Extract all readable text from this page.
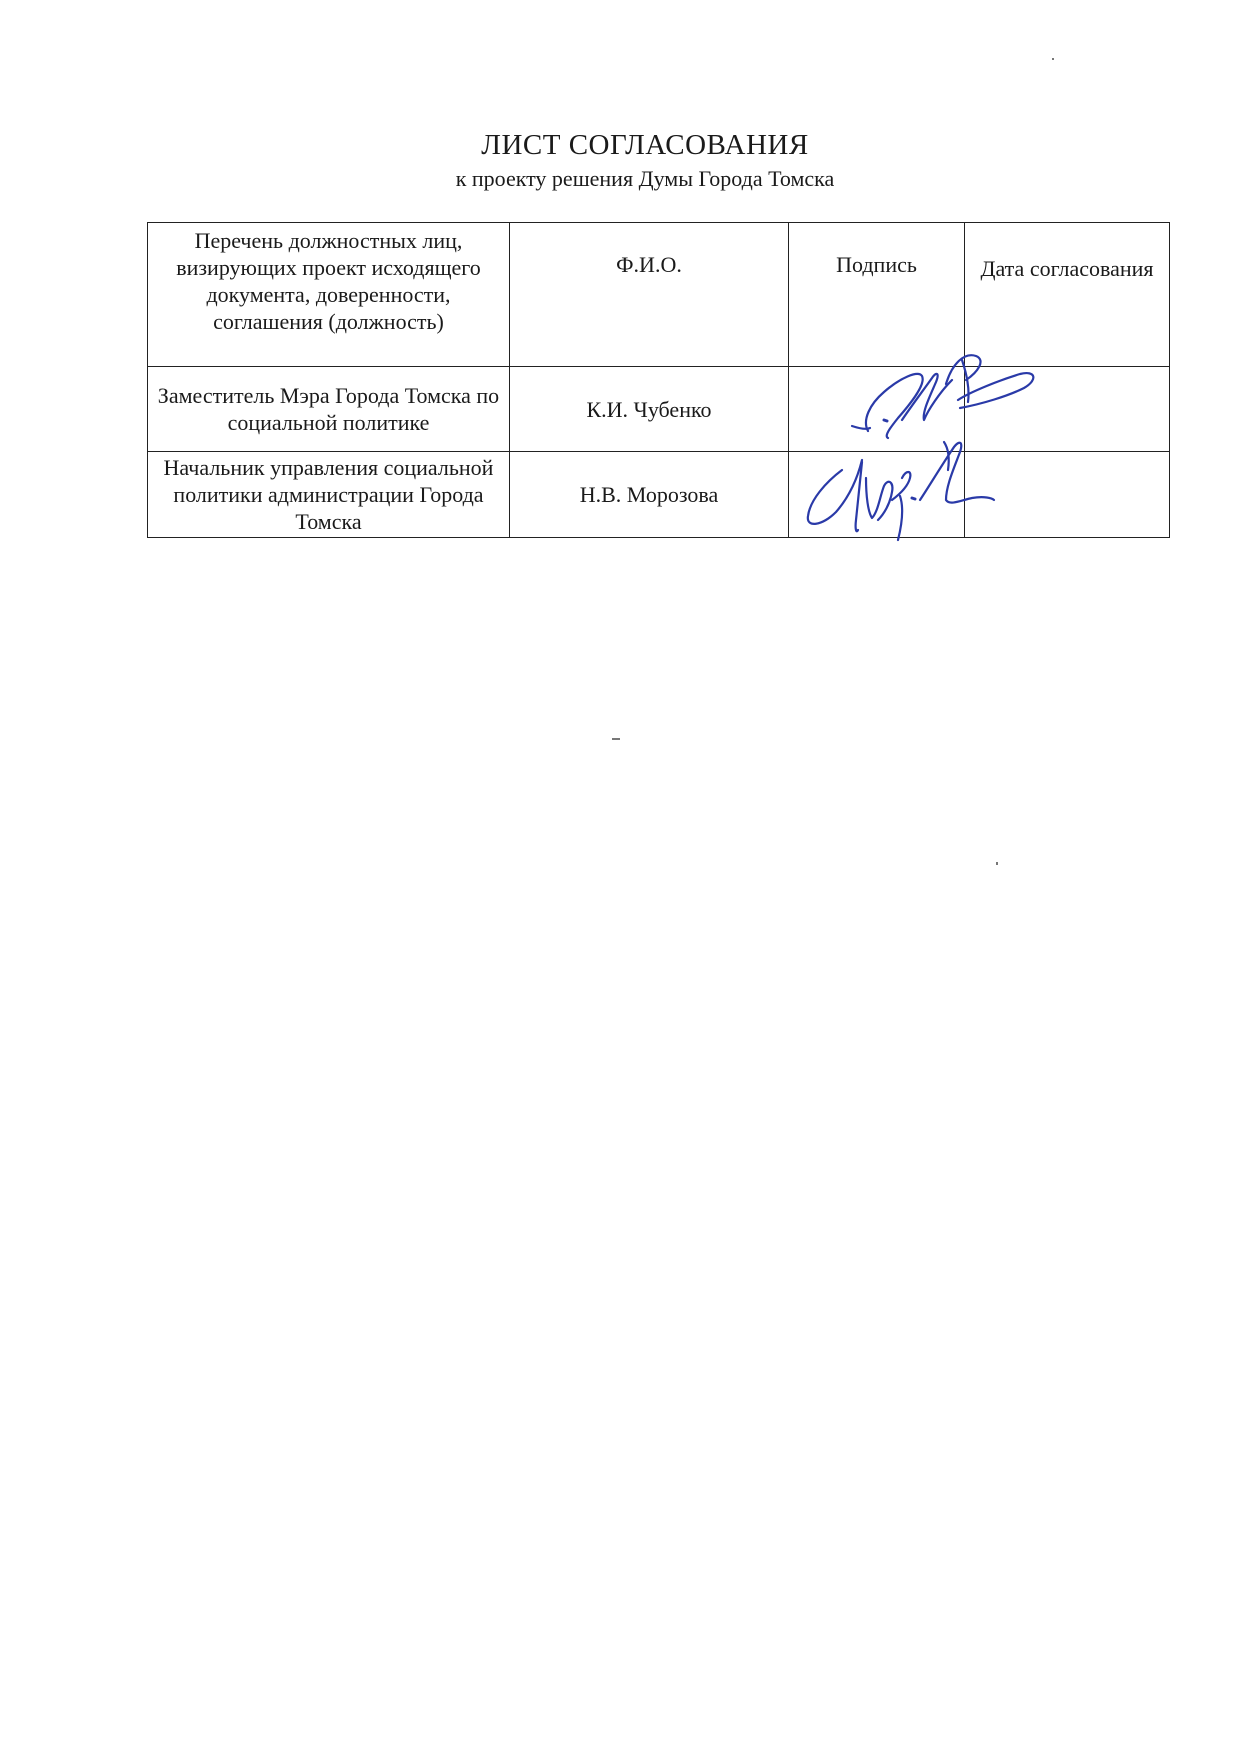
ЛИСТ СОГЛАСОВАНИЯ
к проекту решения Думы Города Томска
Перечень должностных лиц, визирующих проект исходящего документа, доверенности, соглашения (должность)	Ф.И.О.	Подпись	Дата согласования
Заместитель Мэра Города Томска по социальной политике	К.И. Чубенко		
Начальник управления социальной политики администрации Города Томска	Н.В. Морозова		
